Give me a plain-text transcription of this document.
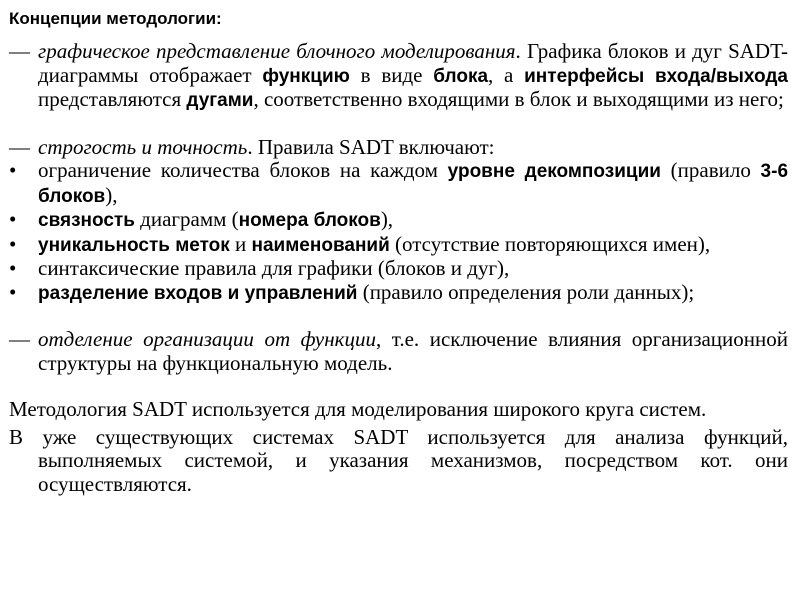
Концепции методологии:

— графическое представление блочного моделирования. Графика блоков и дуг SADT-диаграммы отображает функцию в виде блока, а интерфейсы входа/выхода представляются дугами, соответственно входящими в блок и выходящими из него;

— строгость и точность. Правила SADT включают:

•	ограничение количества блоков на каждом уровне декомпозиции (правило 3-6 блоков),
•	связность диаграмм (номера блоков),
•	уникальность меток и наименований (отсутствие повторяющихся имен),
•	синтаксические правила для графики (блоков и дуг),
•	разделение входов и управлений (правило определения роли данных);

— отделение организации от функции, т.е. исключение влияния организационной структуры на функциональную модель.

Методология SADT используется для моделирования широкого круга систем.

В уже существующих системах SADT используется для анализа функций, выполняемых системой, и указания механизмов, посредством кот. они осуществляются.
